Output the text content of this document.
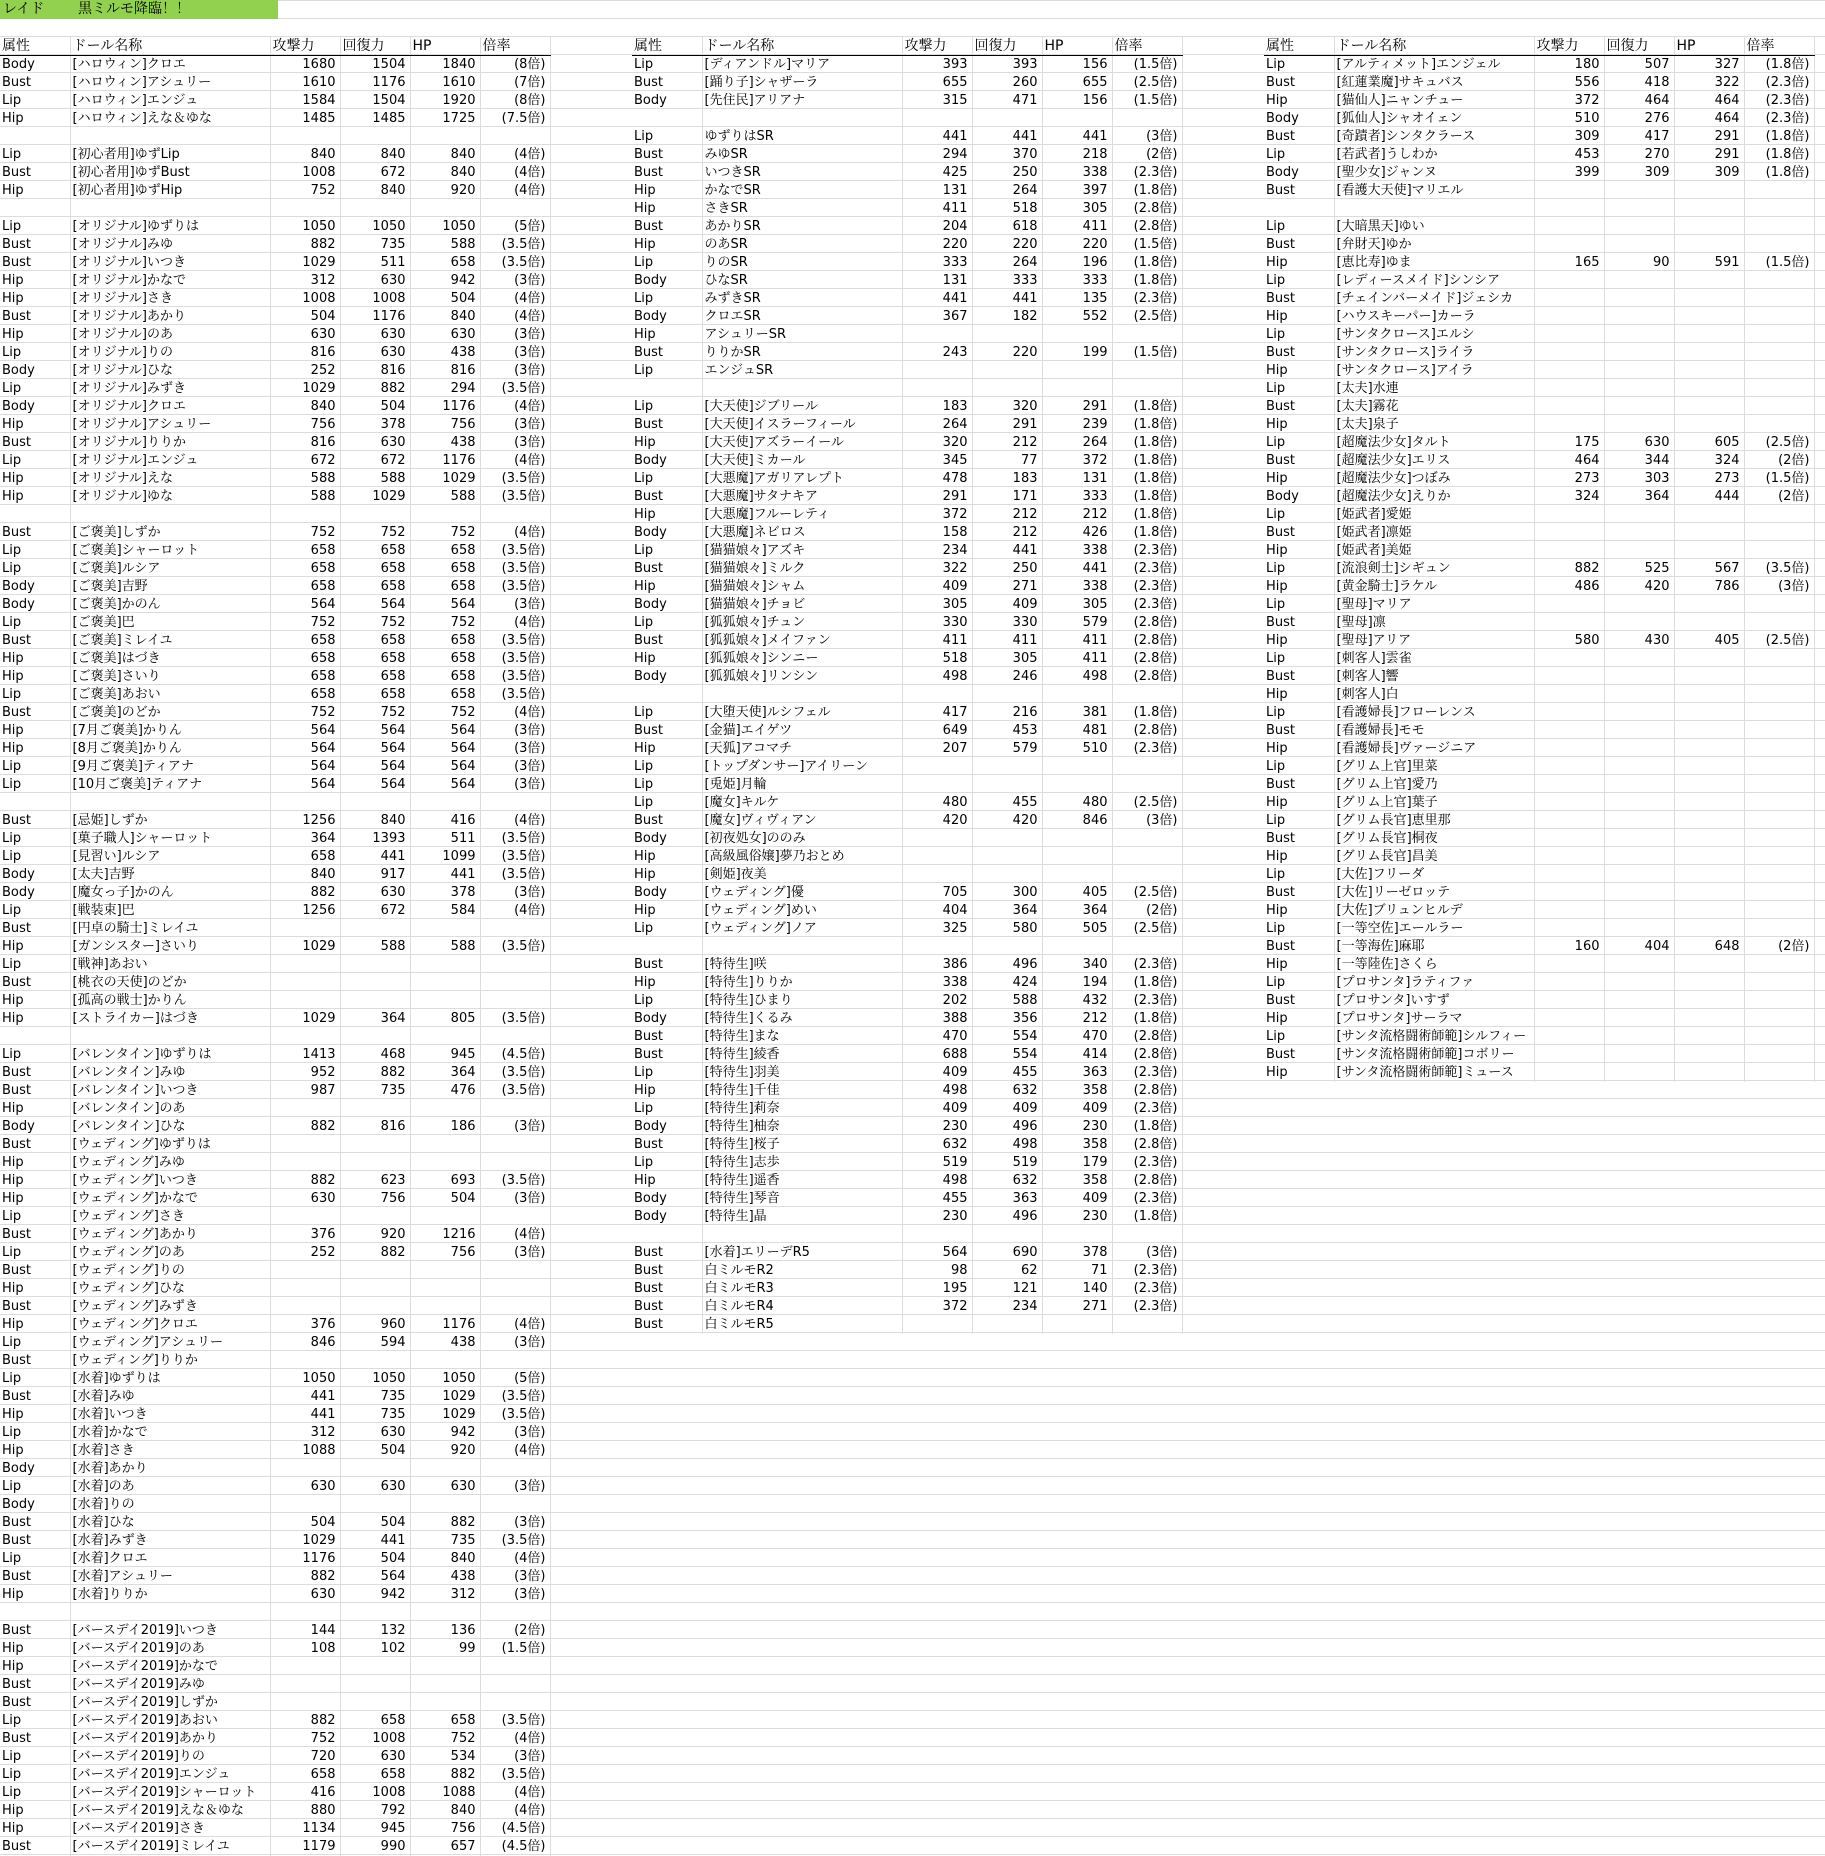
レイド	黒ミルモ降臨！！
属性	ドール名称	攻撃力	回復力	HP	倍率
Body	[ハロウィン]クロエ	1680	1504	1840	(8倍)
Bust	[ハロウィン]アシュリー	1610	1176	1610	(7倍)
Lip	[ハロウィン]エンジュ	1584	1504	1920	(8倍)
Hip	[ハロウィン]えな＆ゆな	1485	1485	1725	(7.5倍)

Lip	[初心者用]ゆずLip	840	840	840	(4倍)
Bust	[初心者用]ゆずBust	1008	672	840	(4倍)
Hip	[初心者用]ゆずHip	752	840	920	(4倍)

Lip	[オリジナル]ゆずりは	1050	1050	1050	(5倍)
Bust	[オリジナル]みゆ	882	735	588	(3.5倍)
Bust	[オリジナル]いつき	1029	511	658	(3.5倍)
Hip	[オリジナル]かなで	312	630	942	(3倍)
Hip	[オリジナル]さき	1008	1008	504	(4倍)
Bust	[オリジナル]あかり	504	1176	840	(4倍)
Hip	[オリジナル]のあ	630	630	630	(3倍)
Lip	[オリジナル]りの	816	630	438	(3倍)
Body	[オリジナル]ひな	252	816	816	(3倍)
Lip	[オリジナル]みずき	1029	882	294	(3.5倍)
Body	[オリジナル]クロエ	840	504	1176	(4倍)
Hip	[オリジナル]アシュリー	756	378	756	(3倍)
Bust	[オリジナル]りりか	816	630	438	(3倍)
Lip	[オリジナル]エンジュ	672	672	1176	(4倍)
Hip	[オリジナル]えな	588	588	1029	(3.5倍)
Hip	[オリジナル]ゆな	588	1029	588	(3.5倍)

Bust	[ご褒美]しずか	752	752	752	(4倍)
Lip	[ご褒美]シャーロット	658	658	658	(3.5倍)
Lip	[ご褒美]ルシア	658	658	658	(3.5倍)
Body	[ご褒美]吉野	658	658	658	(3.5倍)
Body	[ご褒美]かのん	564	564	564	(3倍)
Lip	[ご褒美]巴	752	752	752	(4倍)
Bust	[ご褒美]ミレイユ	658	658	658	(3.5倍)
Hip	[ご褒美]はづき	658	658	658	(3.5倍)
Hip	[ご褒美]さいり	658	658	658	(3.5倍)
Lip	[ご褒美]あおい	658	658	658	(3.5倍)
Bust	[ご褒美]のどか	752	752	752	(4倍)
Hip	[7月ご褒美]かりん	564	564	564	(3倍)
Hip	[8月ご褒美]かりん	564	564	564	(3倍)
Lip	[9月ご褒美]ティアナ	564	564	564	(3倍)
Lip	[10月ご褒美]ティアナ	564	564	564	(3倍)

Bust	[忌姫]しずか	1256	840	416	(4倍)
Lip	[菓子職人]シャーロット	364	1393	511	(3.5倍)
Lip	[見習い]ルシア	658	441	1099	(3.5倍)
Body	[太夫]吉野	840	917	441	(3.5倍)
Body	[魔女っ子]かのん	882	630	378	(3倍)
Lip	[戦装束]巴	1256	672	584	(4倍)
Bust	[円卓の騎士]ミレイユ				
Hip	[ガンシスター]さいり	1029	588	588	(3.5倍)
Lip	[戦神]あおい				
Bust	[桃衣の天使]のどか				
Hip	[孤高の戦士]かりん				
Hip	[ストライカー]はづき	1029	364	805	(3.5倍)

Lip	[バレンタイン]ゆずりは	1413	468	945	(4.5倍)
Bust	[バレンタイン]みゆ	952	882	364	(3.5倍)
Bust	[バレンタイン]いつき	987	735	476	(3.5倍)
Hip	[バレンタイン]のあ				
Body	[バレンタイン]ひな	882	816	186	(3倍)
Bust	[ウェディング]ゆずりは				
Hip	[ウェディング]みゆ				
Hip	[ウェディング]いつき	882	623	693	(3.5倍)
Hip	[ウェディング]かなで	630	756	504	(3倍)
Lip	[ウェディング]さき				
Bust	[ウェディング]あかり	376	920	1216	(4倍)
Lip	[ウェディング]のあ	252	882	756	(3倍)
Bust	[ウェディング]りの				
Hip	[ウェディング]ひな				
Bust	[ウェディング]みずき				
Hip	[ウェディング]クロエ	376	960	1176	(4倍)
Lip	[ウェディング]アシュリー	846	594	438	(3倍)
Bust	[ウェディング]りりか				
Lip	[水着]ゆずりは	1050	1050	1050	(5倍)
Bust	[水着]みゆ	441	735	1029	(3.5倍)
Hip	[水着]いつき	441	735	1029	(3.5倍)
Lip	[水着]かなで	312	630	942	(3倍)
Hip	[水着]さき	1088	504	920	(4倍)
Body	[水着]あかり				
Lip	[水着]のあ	630	630	630	(3倍)
Body	[水着]りの				
Bust	[水着]ひな	504	504	882	(3倍)
Bust	[水着]みずき	1029	441	735	(3.5倍)
Lip	[水着]クロエ	1176	504	840	(4倍)
Bust	[水着]アシュリー	882	564	438	(3倍)
Hip	[水着]りりか	630	942	312	(3倍)

Bust	[バースデイ2019]いつき	144	132	136	(2倍)
Hip	[バースデイ2019]のあ	108	102	99	(1.5倍)
Hip	[バースデイ2019]かなで				
Bust	[バースデイ2019]みゆ				
Bust	[バースデイ2019]しずか				
Lip	[バースデイ2019]あおい	882	658	658	(3.5倍)
Bust	[バースデイ2019]あかり	752	1008	752	(4倍)
Lip	[バースデイ2019]りの	720	630	534	(3倍)
Lip	[バースデイ2019]エンジュ	658	658	882	(3.5倍)
Lip	[バースデイ2019]シャーロット	416	1008	1088	(4倍)
Hip	[バースデイ2019]えな＆ゆな	880	792	840	(4倍)
Hip	[バースデイ2019]さき	1134	945	756	(4.5倍)
Bust	[バースデイ2019]ミレイユ	1179	990	657	(4.5倍)
属性	ドール名称	攻撃力	回復力	HP	倍率
Lip	[ディアンドル]マリア	393	393	156	(1.5倍)
Bust	[踊り子]シャザーラ	655	260	655	(2.5倍)
Body	[先住民]アリアナ	315	471	156	(1.5倍)

Lip	ゆずりはSR	441	441	441	(3倍)
Bust	みゆSR	294	370	218	(2倍)
Bust	いつきSR	425	250	338	(2.3倍)
Hip	かなでSR	131	264	397	(1.8倍)
Hip	さきSR	411	518	305	(2.8倍)
Bust	あかりSR	204	618	411	(2.8倍)
Hip	のあSR	220	220	220	(1.5倍)
Lip	りのSR	333	264	196	(1.8倍)
Body	ひなSR	131	333	333	(1.8倍)
Lip	みずきSR	441	441	135	(2.3倍)
Body	クロエSR	367	182	552	(2.5倍)
Hip	アシュリーSR				
Bust	りりかSR	243	220	199	(1.5倍)
Lip	エンジュSR				

Lip	[大天使]ジブリール	183	320	291	(1.8倍)
Bust	[大天使]イスラーフィール	264	291	239	(1.8倍)
Hip	[大天使]アズラーイール	320	212	264	(1.8倍)
Body	[大天使]ミカール	345	77	372	(1.8倍)
Lip	[大悪魔]アガリアレプト	478	183	131	(1.8倍)
Bust	[大悪魔]サタナキア	291	171	333	(1.8倍)
Hip	[大悪魔]フルーレティ	372	212	212	(1.8倍)
Body	[大悪魔]ネビロス	158	212	426	(1.8倍)
Lip	[猫猫娘々]アズキ	234	441	338	(2.3倍)
Bust	[猫猫娘々]ミルク	322	250	441	(2.3倍)
Hip	[猫猫娘々]シャム	409	271	338	(2.3倍)
Body	[猫猫娘々]チョビ	305	409	305	(2.3倍)
Lip	[狐狐娘々]チュン	330	330	579	(2.8倍)
Bust	[狐狐娘々]メイファン	411	411	411	(2.8倍)
Hip	[狐狐娘々]シンニー	518	305	411	(2.8倍)
Body	[狐狐娘々]リンシン	498	246	498	(2.8倍)

Lip	[大堕天使]ルシフェル	417	216	381	(1.8倍)
Bust	[金猫]エイゲツ	649	453	481	(2.8倍)
Hip	[天狐]アコマチ	207	579	510	(2.3倍)
Lip	[トップダンサー]アイリーン				
Lip	[兎姫]月輪				
Lip	[魔女]キルケ	480	455	480	(2.5倍)
Bust	[魔女]ヴィヴィアン	420	420	846	(3倍)
Body	[初夜処女]ののみ				
Hip	[高級風俗嬢]夢乃おとめ				
Hip	[剣姫]夜美				
Body	[ウェディング]優	705	300	405	(2.5倍)
Hip	[ウェディング]めい	404	364	364	(2倍)
Lip	[ウェディング]ノア	325	580	505	(2.5倍)

Bust	[特待生]咲	386	496	340	(2.3倍)
Hip	[特待生]りりか	338	424	194	(1.8倍)
Lip	[特待生]ひまり	202	588	432	(2.3倍)
Body	[特待生]くるみ	388	356	212	(1.8倍)
Bust	[特待生]まな	470	554	470	(2.8倍)
Bust	[特待生]綾香	688	554	414	(2.8倍)
Lip	[特待生]羽美	409	455	363	(2.3倍)
Hip	[特待生]千佳	498	632	358	(2.8倍)
Lip	[特待生]莉奈	409	409	409	(2.3倍)
Body	[特待生]柚奈	230	496	230	(1.8倍)
Bust	[特待生]桜子	632	498	358	(2.8倍)
Lip	[特待生]志歩	519	519	179	(2.3倍)
Hip	[特待生]遥香	498	632	358	(2.8倍)
Body	[特待生]琴音	455	363	409	(2.3倍)
Body	[特待生]晶	230	496	230	(1.8倍)

Bust	[水着]エリーデR5	564	690	378	(3倍)
Bust	白ミルモR2	98	62	71	(2.3倍)
Bust	白ミルモR3	195	121	140	(2.3倍)
Bust	白ミルモR4	372	234	271	(2.3倍)
Bust	白ミルモR5				
属性	ドール名称	攻撃力	回復力	HP	倍率
Lip	[アルティメット]エンジェル	180	507	327	(1.8倍)
Bust	[紅蓮業魔]サキュバス	556	418	322	(2.3倍)
Hip	[猫仙人]ニャンチュー	372	464	464	(2.3倍)
Body	[狐仙人]シャオイェン	510	276	464	(2.3倍)
Bust	[奇蹟者]シンタクラース	309	417	291	(1.8倍)
Lip	[若武者]うしわか	453	270	291	(1.8倍)
Body	[聖少女]ジャンヌ	399	309	309	(1.8倍)
Bust	[看護大天使]マリエル				

Lip	[大暗黒天]ゆい				
Bust	[弁財天]ゆか				
Hip	[恵比寿]ゆま	165	90	591	(1.5倍)
Lip	[レディースメイド]シンシア				
Bust	[チェインバーメイド]ジェシカ				
Hip	[ハウスキーパー]カーラ				
Lip	[サンタクロース]エルシ				
Bust	[サンタクロース]ライラ				
Hip	[サンタクロース]アイラ				
Lip	[太夫]水連				
Bust	[太夫]霧花				
Hip	[太夫]泉子				
Lip	[超魔法少女]タルト	175	630	605	(2.5倍)
Bust	[超魔法少女]エリス	464	344	324	(2倍)
Hip	[超魔法少女]つぼみ	273	303	273	(1.5倍)
Body	[超魔法少女]えりか	324	364	444	(2倍)
Lip	[姫武者]愛姫				
Bust	[姫武者]凛姫				
Hip	[姫武者]美姫				
Lip	[流浪剣士]シギュン	882	525	567	(3.5倍)
Hip	[黄金騎士]ラケル	486	420	786	(3倍)
Lip	[聖母]マリア				
Bust	[聖母]凛				
Hip	[聖母]アリア	580	430	405	(2.5倍)
Lip	[刺客人]雲雀				
Bust	[刺客人]響				
Hip	[刺客人]白				
Lip	[看護婦長]フローレンス				
Bust	[看護婦長]モモ				
Hip	[看護婦長]ヴァージニア				
Lip	[グリム上官]里菜				
Bust	[グリム上官]愛乃				
Hip	[グリム上官]葉子				
Lip	[グリム長官]恵里那				
Bust	[グリム長官]桐夜				
Hip	[グリム長官]昌美				
Lip	[大佐]フリーダ				
Bust	[大佐]リーゼロッテ				
Hip	[大佐]ブリュンヒルデ				
Lip	[一等空佐]エールラー				
Bust	[一等海佐]麻耶	160	404	648	(2倍)
Hip	[一等陸佐]さくら				
Lip	[プロサンタ]ラティファ				
Bust	[プロサンタ]いすず				
Hip	[プロサンタ]サーラマ				
Lip	[サンタ流格闘術師範]シルフィー				
Bust	[サンタ流格闘術師範]コボリー				
Hip	[サンタ流格闘術師範]ミュース				
